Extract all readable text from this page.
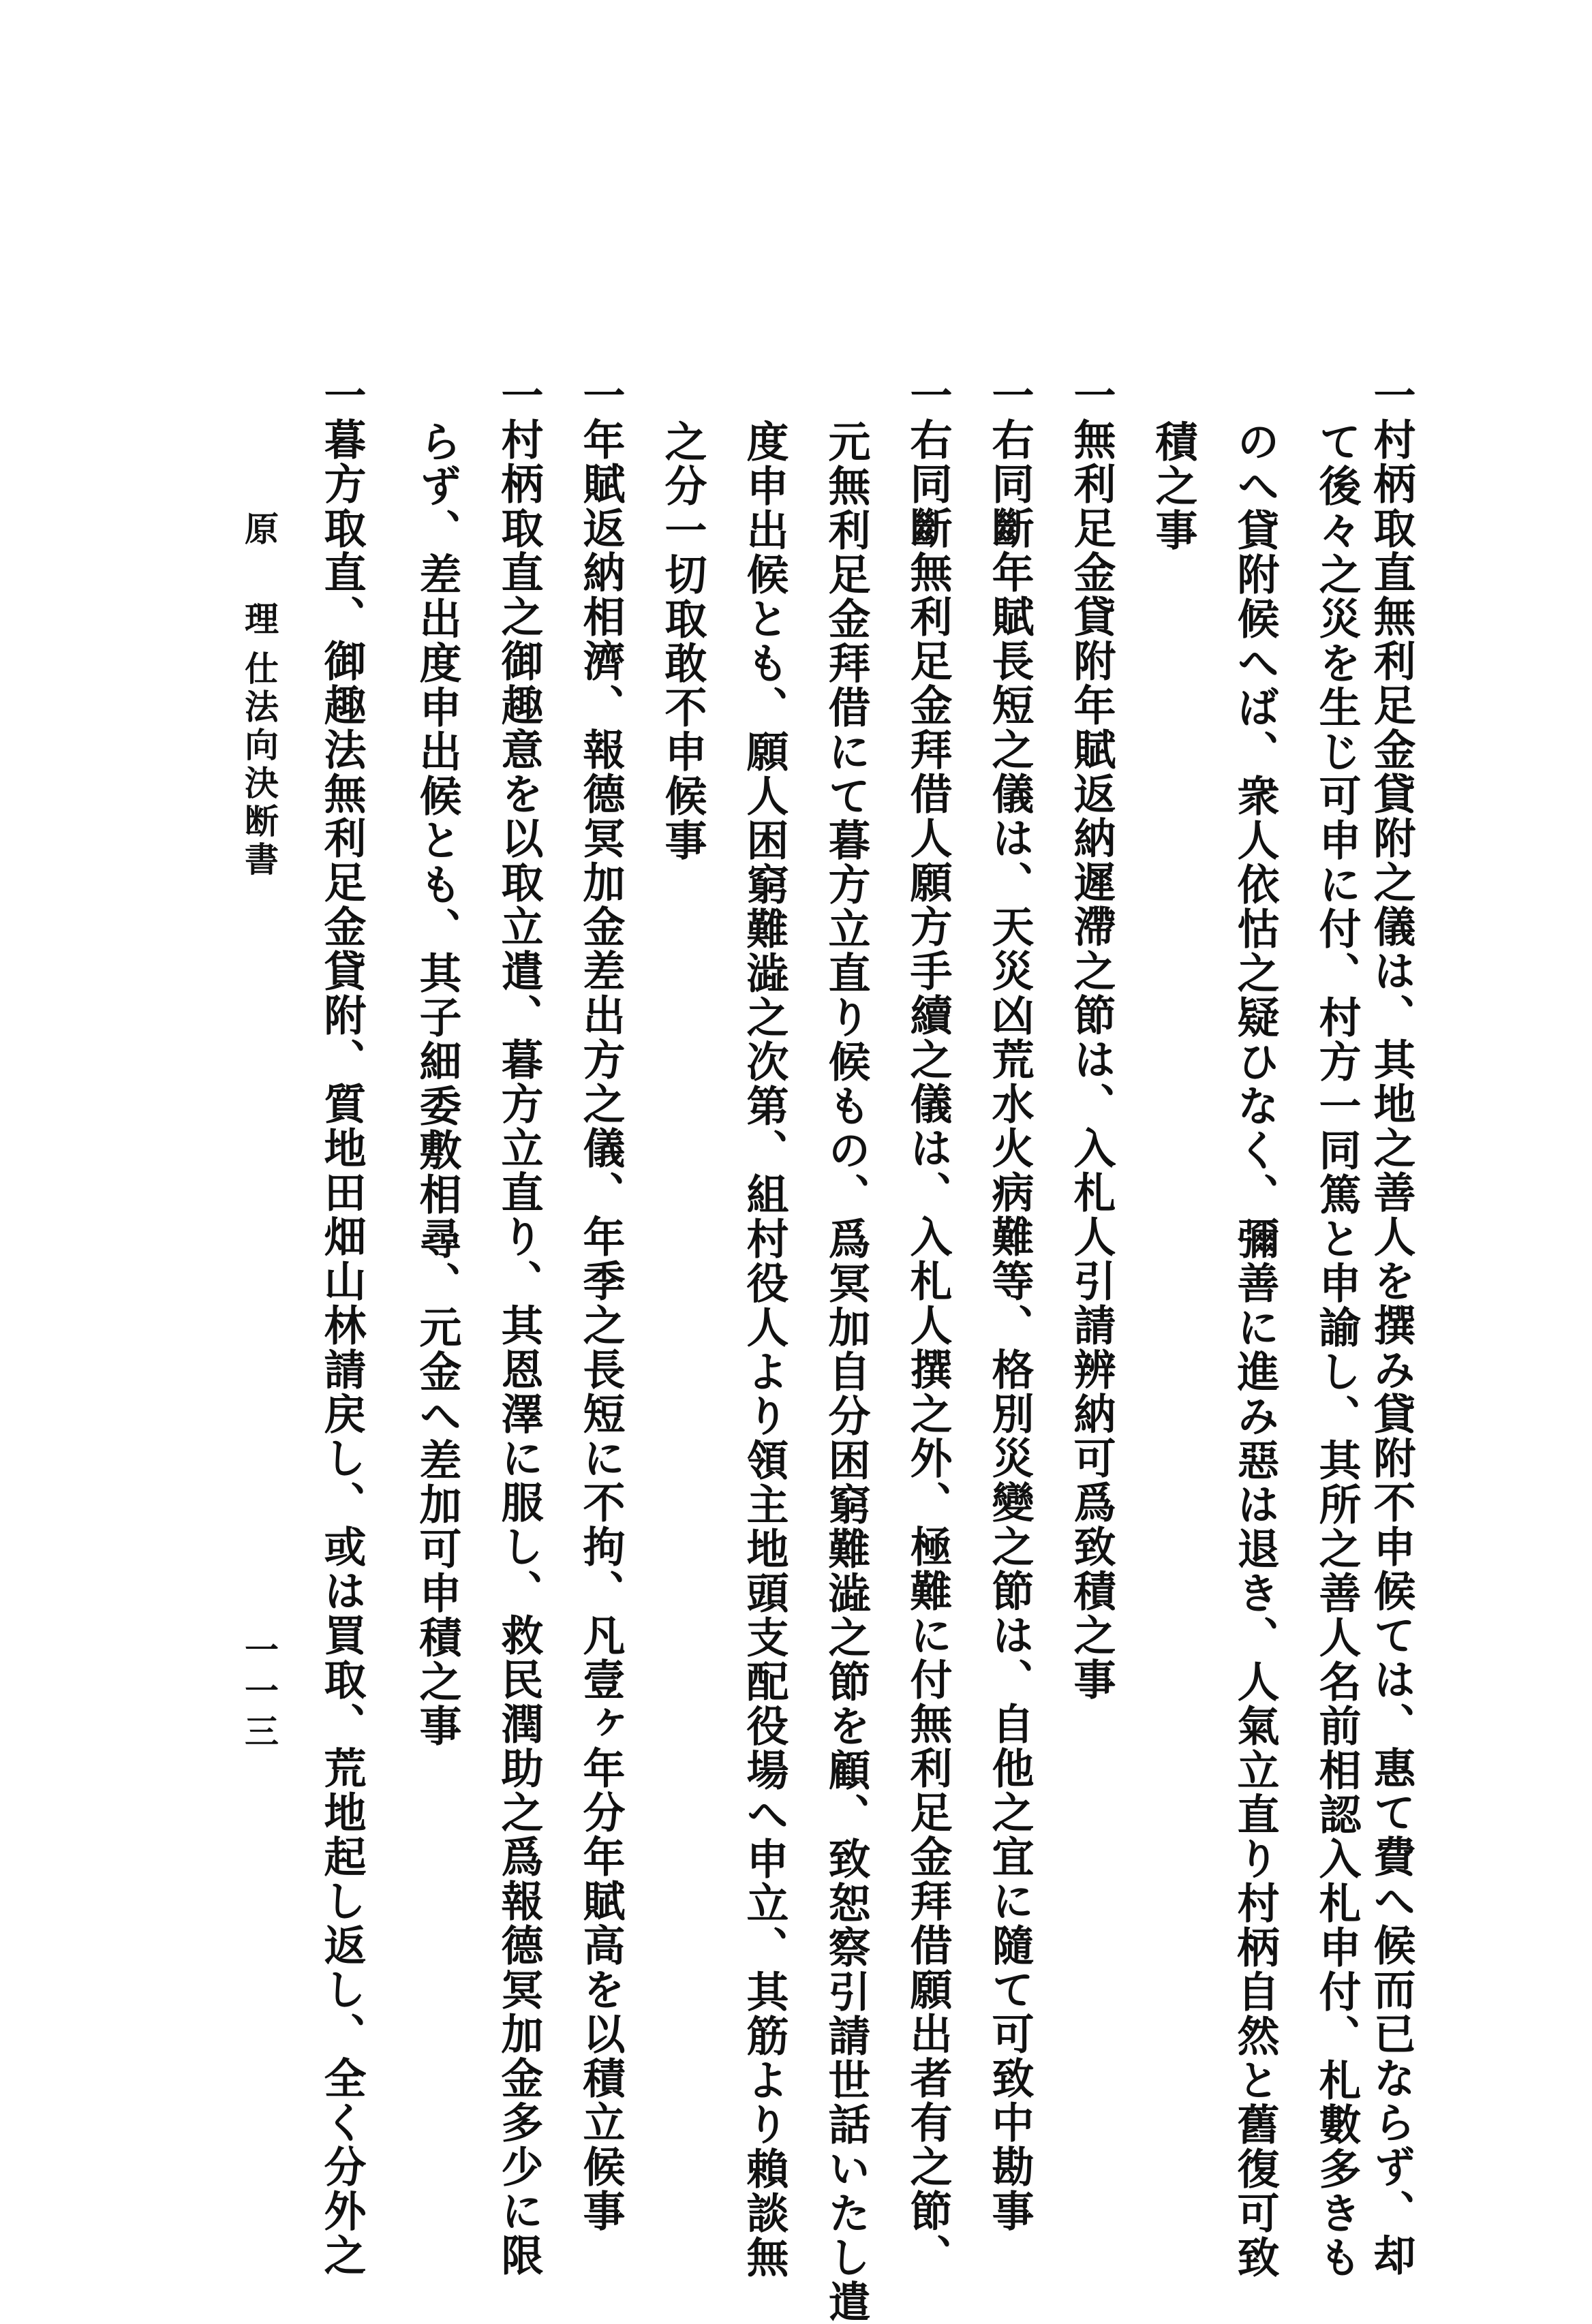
一村柄取直無利足金貸附之儀は、其地之善人を撰み貸附不申候ては、惠て費へ候而已ならず、却
て後々之災を生じ可申に付、村方一同篤と申諭し、其所之善人名前相認入札申付、札數多きも
のへ貸附候へば、衆人依怙之疑ひなく、彌善に進み惡は退き、人氣立直り村柄自然と舊復可致
積之事
一無利足金貸附年賦返納遲滯之節は、入札人引請辨納可爲致積之事
一右同斷年賦長短之儀は、天災凶荒水火病難等、格別災變之節は、自他之宜に隨て可致中勘事
一右同斷無利足金拜借人願方手續之儀は、入札人撰之外、極難に付無利足金拜借願出者有之節、
元無利足金拜借にて暮方立直り候もの、爲冥加自分困窮難澁之節を顧、致恕察引請世話いたし遣
度申出候とも、願人困窮難澁之次第、組村役人より領主地頭支配役場へ申立、其筋より賴談無
之分一切取敢不申候事
一年賦返納相濟、報德冥加金差出方之儀、年季之長短に不拘、凡壹ヶ年分年賦高を以積立候事
一村柄取直之御趣意を以取立遣、暮方立直り、其恩澤に服し、救民潤助之爲報德冥加金多少に限
らず、差出度申出候とも、其子細委敷相尋、元金へ差加可申積之事
一暮方取直、御趣法無利足金貸附、質地田畑山林請戻し、或は買取、荒地起し返し、全く分外之
原　理
仕法向決断書
一一三
